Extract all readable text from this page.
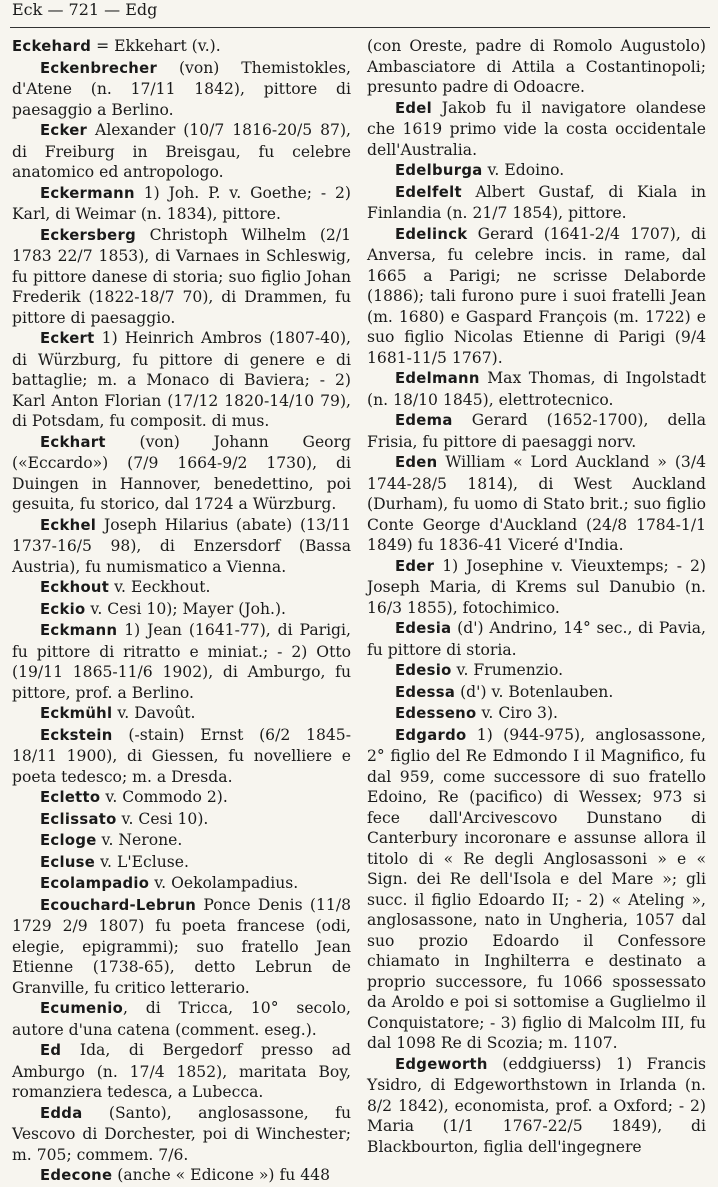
Eck — 721 — Edg

Eckehard = Ekkehart (v.).

Eckenbrecher (von) Themistokles, d'Atene (n. 17/11 1842), pittore di paesaggio a Berlino.

Ecker Alexander (10/7 1816-20/5 87), di Freiburg in Breisgau, fu celebre anatomico ed antropologo.

Eckermann 1) Joh. P. v. Goethe; - 2) Karl, di Weimar (n. 1834), pittore.

Eckersberg Christoph Wilhelm (2/1 1783 22/7 1853), di Varnaes in Schleswig, fu pittore danese di storia; suo figlio Johan Frederik (1822-18/7 70), di Drammen, fu pittore di paesaggio.

Eckert 1) Heinrich Ambros (1807-40), di Würzburg, fu pittore di genere e di battaglie; m. a Monaco di Baviera; - 2) Karl Anton Florian (17/12 1820-14/10 79), di Potsdam, fu composit. di mus.

Eckhart (von) Johann Georg («Eccardo») (7/9 1664-9/2 1730), di Duingen in Hannover, benedettino, poi gesuita, fu storico, dal 1724 a Würzburg.

Eckhel Joseph Hilarius (abate) (13/11 1737-16/5 98), di Enzersdorf (Bassa Austria), fu numismatico a Vienna.

Eckhout v. Eeckhout.

Eckio v. Cesi 10); Mayer (Joh.).

Eckmann 1) Jean (1641-77), di Parigi, fu pittore di ritratto e miniat.; - 2) Otto (19/11 1865-11/6 1902), di Amburgo, fu pittore, prof. a Berlino.

Eckmühl v. Davoût.

Eckstein (-stain) Ernst (6/2 1845-18/11 1900), di Giessen, fu novelliere e poeta tedesco; m. a Dresda.

Ecletto v. Commodo 2).

Eclissato v. Cesi 10).

Ecloge v. Nerone.

Ecluse v. L'Ecluse.

Ecolampadio v. Oekolampadius.

Ecouchard-Lebrun Ponce Denis (11/8 1729 2/9 1807) fu poeta francese (odi, elegie, epigrammi); suo fratello Jean Etienne (1738-65), detto Lebrun de Granville, fu critico letterario.

Ecumenio, di Tricca, 10° secolo, autore d'una catena (comment. eseg.).

Ed Ida, di Bergedorf presso ad Amburgo (n. 17/4 1852), maritata Boy, romanziera tedesca, a Lubecca.

Edda (Santo), anglosassone, fu Vescovo di Dorchester, poi di Winchester; m. 705; commem. 7/6.

Edecone (anche « Edicone ») fu 448

(con Oreste, padre di Romolo Augustolo) Ambasciatore di Attila a Costantinopoli; presunto padre di Odoacre.

Edel Jakob fu il navigatore olandese che 1619 primo vide la costa occidentale dell'Australia.

Edelburga v. Edoino.

Edelfelt Albert Gustaf, di Kiala in Finlandia (n. 21/7 1854), pittore.

Edelinck Gerard (1641-2/4 1707), di Anversa, fu celebre incis. in rame, dal 1665 a Parigi; ne scrisse Delaborde (1886); tali furono pure i suoi fratelli Jean (m. 1680) e Gaspard François (m. 1722) e suo figlio Nicolas Etienne di Parigi (9/4 1681-11/5 1767).

Edelmann Max Thomas, di Ingolstadt (n. 18/10 1845), elettrotecnico.

Edema Gerard (1652-1700), della Frisia, fu pittore di paesaggi norv.

Eden William « Lord Auckland » (3/4 1744-28/5 1814), di West Auckland (Durham), fu uomo di Stato brit.; suo figlio Conte George d'Auckland (24/8 1784-1/1 1849) fu 1836-41 Viceré d'India.

Eder 1) Josephine v. Vieuxtemps; - 2) Joseph Maria, di Krems sul Danubio (n. 16/3 1855), fotochimico.

Edesia (d') Andrino, 14° sec., di Pavia, fu pittore di storia.

Edesio v. Frumenzio.

Edessa (d') v. Botenlauben.

Edesseno v. Ciro 3).

Edgardo 1) (944-975), anglosassone, 2° figlio del Re Edmondo I il Magnifico, fu dal 959, come successore di suo fratello Edoino, Re (pacifico) di Wessex; 973 si fece dall'Arcivescovo Dunstano di Canterbury incoronare e assunse allora il titolo di « Re degli Anglosassoni » e « Sign. dei Re dell'Isola e del Mare »; gli succ. il figlio Edoardo II; - 2) « Ateling », anglosassone, nato in Ungheria, 1057 dal suo prozio Edoardo il Confessore chiamato in Inghilterra e destinato a proprio successore, fu 1066 spossessato da Aroldo e poi si sottomise a Guglielmo il Conquistatore; - 3) figlio di Malcolm III, fu dal 1098 Re di Scozia; m. 1107.

Edgeworth (eddgiuerss) 1) Francis Ysidro, di Edgeworthstown in Irlanda (n. 8/2 1842), economista, prof. a Oxford; - 2) Maria (1/1 1767-22/5 1849), di Blackbourton, figlia dell'ingegnere
